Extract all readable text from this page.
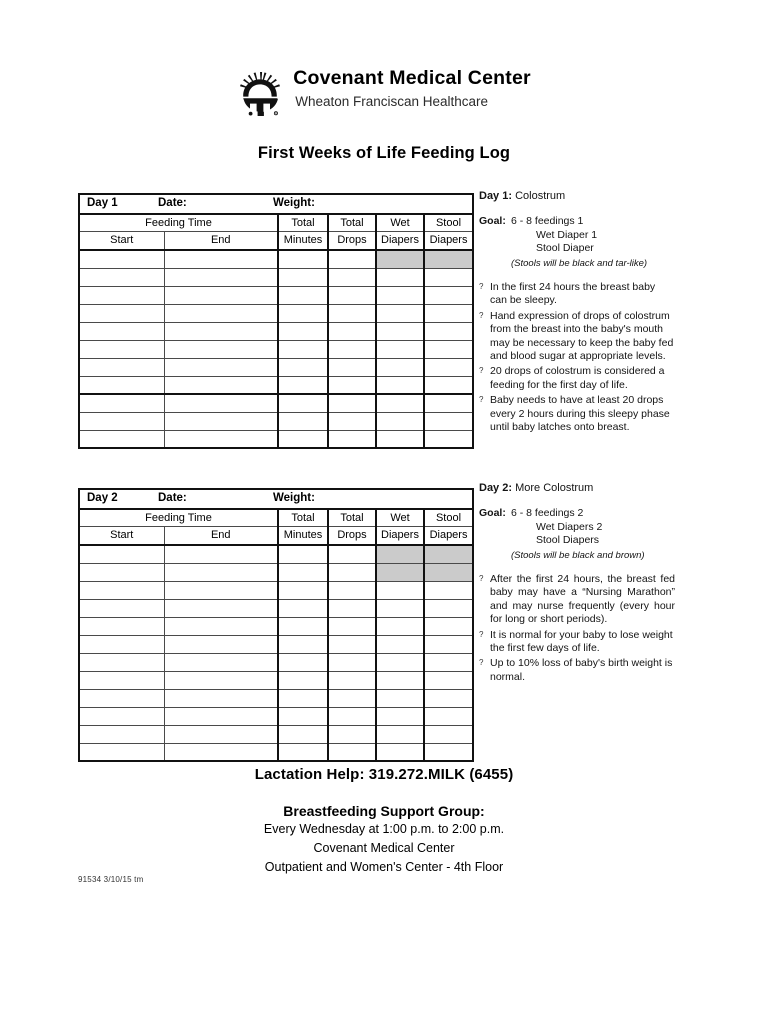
R
Covenant Medical Center
Wheaton Franciscan Healthcare
First Weeks of Life Feeding Log
Day 1 Date: Weight:					

Feeding Time		Total	Total	Wet	Stool
Start	End	Minutes	Drops	Diapers	Diapers

Day 2 Date: Weight:					

Feeding Time		Total	Total	Wet	Stool
Start	End	Minutes	Drops	Diapers	Diapers

Day 1: Colostrum
Goal: 6 - 8 feedings 1
Wet Diaper 1
Stool Diaper
(Stools will be black and tar-like)
? In the first 24 hours the breast baby can be sleepy.
? Hand expression of drops of colostrum from the breast into the baby's mouth may be necessary to keep the baby fed and blood sugar at appropriate levels.
? 20 drops of colostrum is considered a feeding for the first day of life.
? Baby needs to have at least 20 drops every 2 hours during this sleepy phase until baby latches onto breast.
Day 2: More Colostrum
Goal: 6 - 8 feedings 2
Wet Diapers 2
Stool Diapers
(Stools will be black and brown)
? After the first 24 hours, the breast fed baby may have a “Nursing Marathon” and may nurse frequently (every hour for long or short periods).
? It is normal for your baby to lose weight the first few days of life.
? Up to 10% loss of baby's birth weight is normal.
Lactation Help: 319.272.MILK (6455)
Breastfeeding Support Group:
Every Wednesday at 1:00 p.m. to 2:00 p.m.
Covenant Medical Center
Outpatient and Women's Center - 4th Floor
91534 3/10/15 tm
